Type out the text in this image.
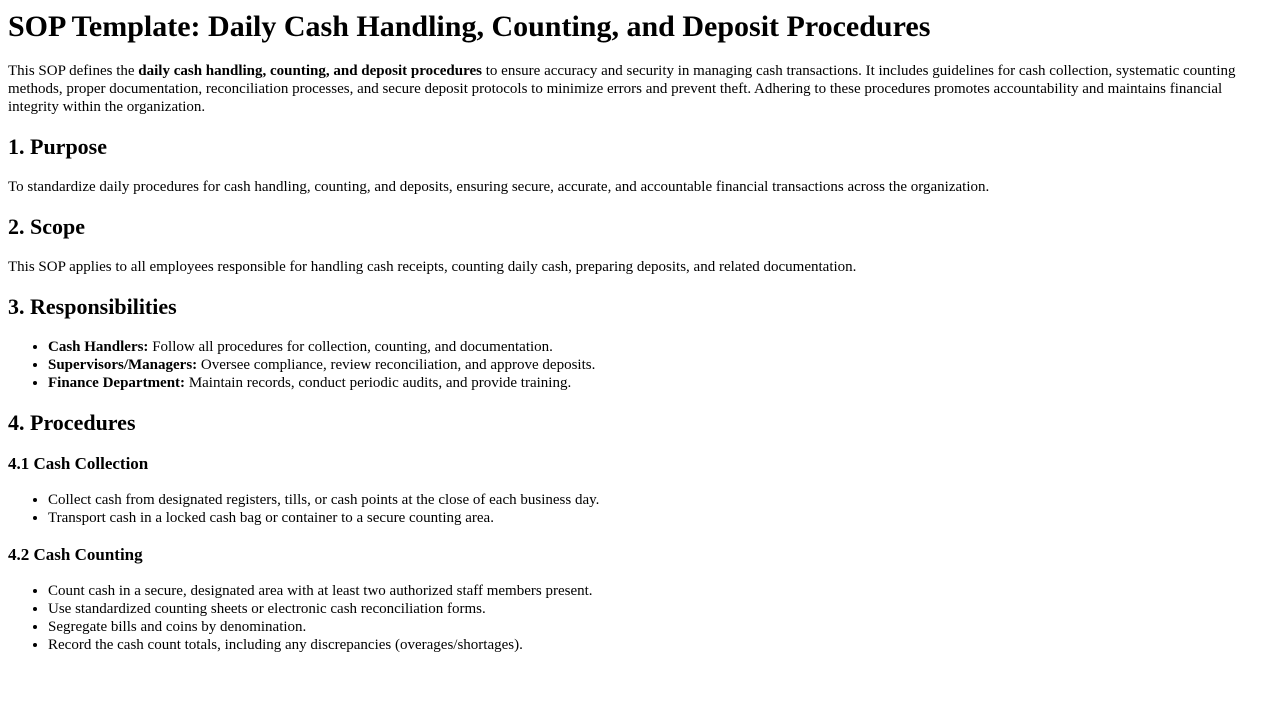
SOP Template: Daily Cash Handling, Counting, and Deposit Procedures

This SOP defines the daily cash handling, counting, and deposit procedures to ensure accuracy and security in managing cash transactions. It includes guidelines for cash collection, systematic counting methods, proper documentation, reconciliation processes, and secure deposit protocols to minimize errors and prevent theft. Adhering to these procedures promotes accountability and maintains financial integrity within the organization.

1. Purpose

To standardize daily procedures for cash handling, counting, and deposits, ensuring secure, accurate, and accountable financial transactions across the organization.

2. Scope

This SOP applies to all employees responsible for handling cash receipts, counting daily cash, preparing deposits, and related documentation.

3. Responsibilities
• Cash Handlers: Follow all procedures for collection, counting, and documentation.
• Supervisors/Managers: Oversee compliance, review reconciliation, and approve deposits.
• Finance Department: Maintain records, conduct periodic audits, and provide training.
4. Procedures
4.1 Cash Collection
• Collect cash from designated registers, tills, or cash points at the close of each business day.
• Transport cash in a locked cash bag or container to a secure counting area.
4.2 Cash Counting
• Count cash in a secure, designated area with at least two authorized staff members present.
• Use standardized counting sheets or electronic cash reconciliation forms.
• Segregate bills and coins by denomination.
• Record the cash count totals, including any discrepancies (overages/shortages).
